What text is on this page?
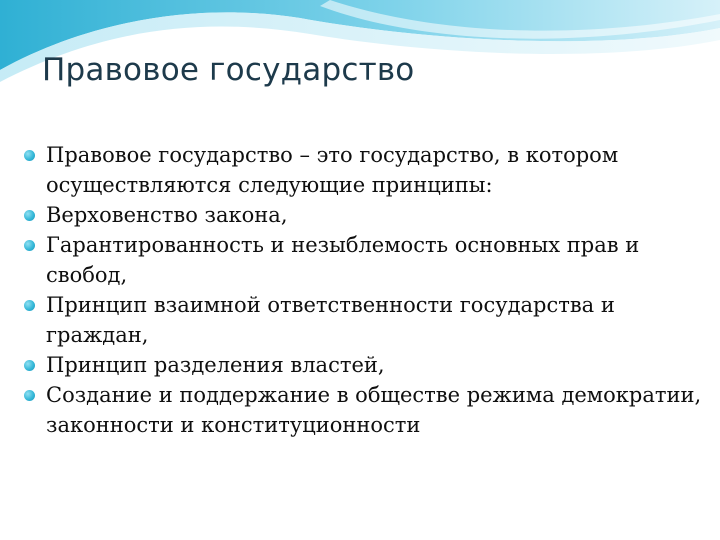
Правовое государство
Правовое государство – это государство, в котором осуществляются следующие принципы:
Верховенство закона,
Гарантированность и незыблемость основных прав и свобод,
Принцип взаимной ответственности государства и граждан,
Принцип разделения властей,
Создание и поддержание в обществе режима демократии, законности и конституционности
